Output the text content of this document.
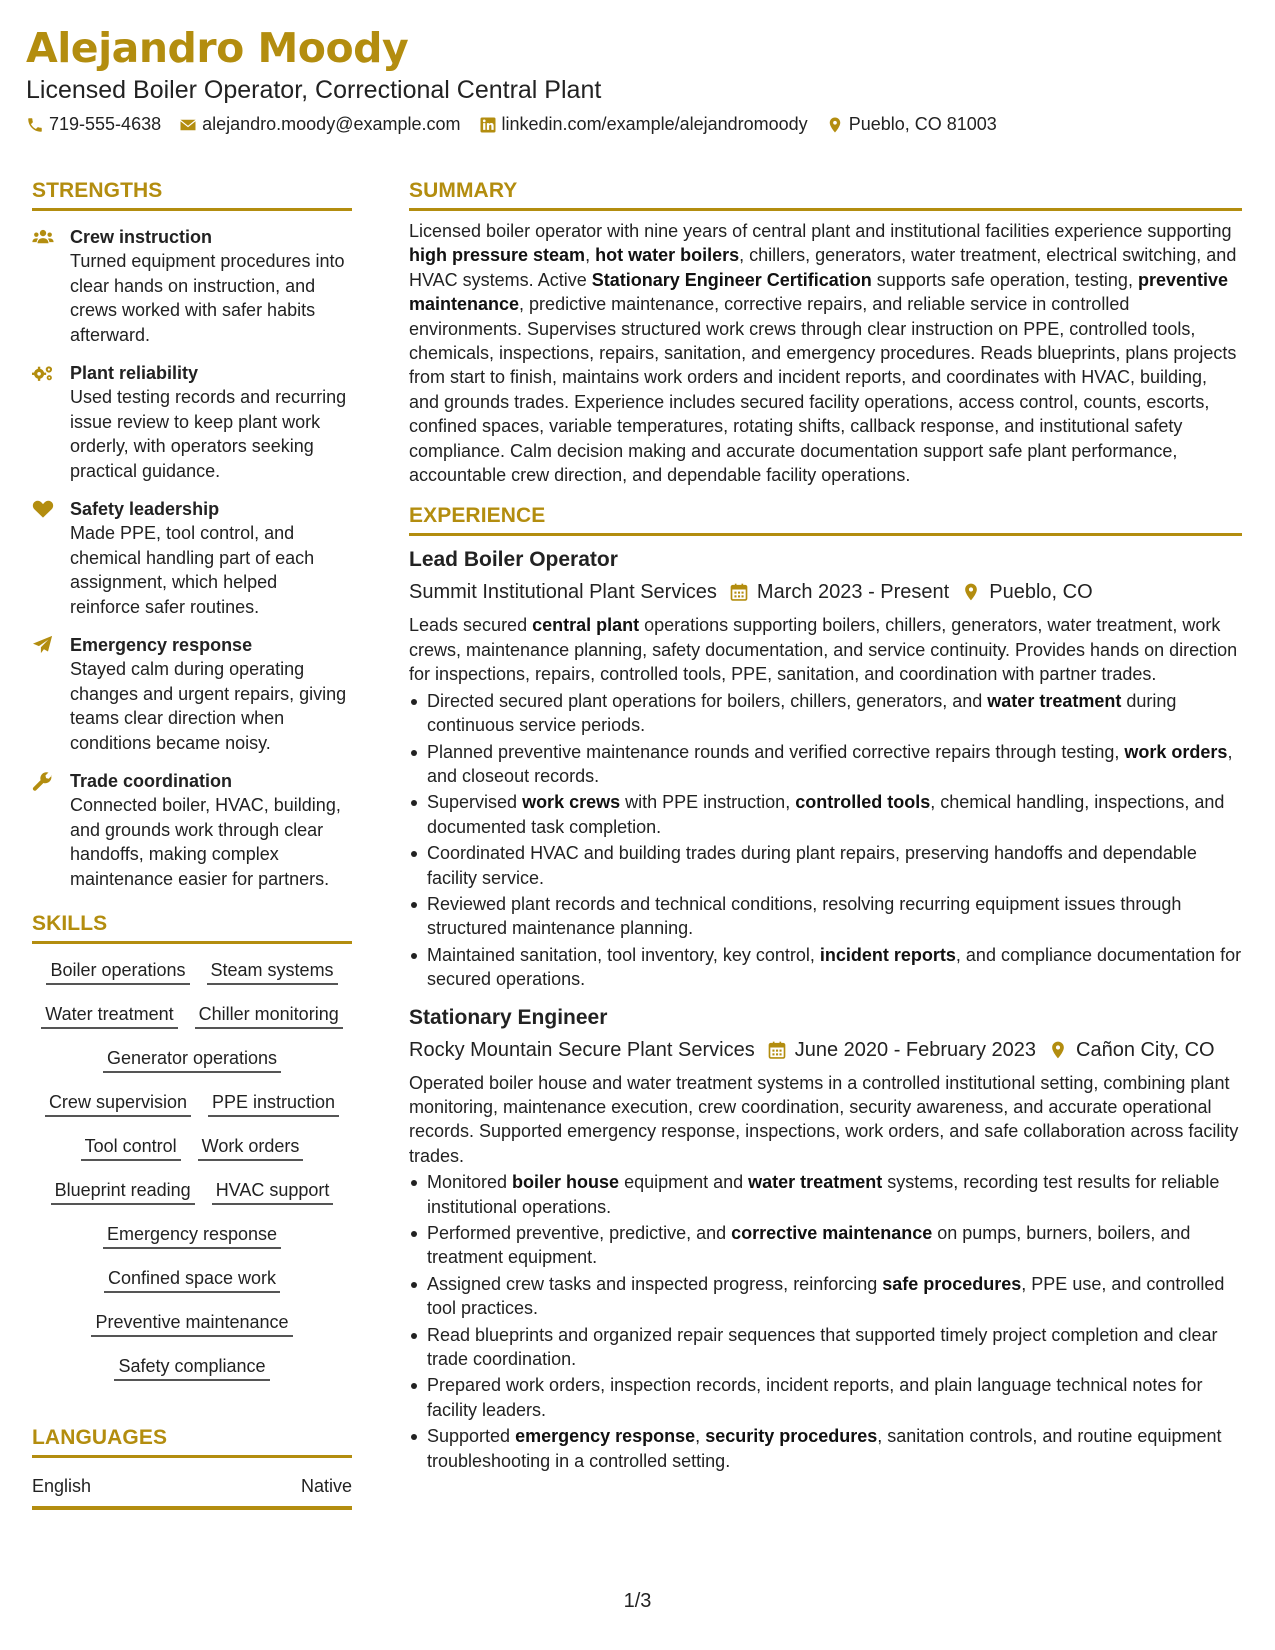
Alejandro Moody
Licensed Boiler Operator, Correctional Central Plant
719-555-4638 alejandro.moody@example.com linkedin.com/example/alejandromoody Pueblo, CO 81003
STRENGTHS
Crew instruction
Turned equipment procedures into clear hands on instruction, and crews worked with safer habits afterward.
Plant reliability
Used testing records and recurring issue review to keep plant work orderly, with operators seeking practical guidance.
Safety leadership
Made PPE, tool control, and chemical handling part of each assignment, which helped reinforce safer routines.
Emergency response
Stayed calm during operating changes and urgent repairs, giving teams clear direction when conditions became noisy.
Trade coordination
Connected boiler, HVAC, building, and grounds work through clear handoffs, making complex maintenance easier for partners.
SKILLS
Boiler operations Steam systems
Water treatment Chiller monitoring
Generator operations
Crew supervision PPE instruction
Tool control Work orders
Blueprint reading HVAC support
Emergency response
Confined space work
Preventive maintenance
Safety compliance
LANGUAGES
English	Native
SUMMARY
Licensed boiler operator with nine years of central plant and institutional facilities experience supporting high pressure steam, hot water boilers, chillers, generators, water treatment, electrical switching, and HVAC systems. Active Stationary Engineer Certification supports safe operation, testing, preventive maintenance, predictive maintenance, corrective repairs, and reliable service in controlled environments. Supervises structured work crews through clear instruction on PPE, controlled tools, chemicals, inspections, repairs, sanitation, and emergency procedures. Reads blueprints, plans projects from start to finish, maintains work orders and incident reports, and coordinates with HVAC, building, and grounds trades. Experience includes secured facility operations, access control, counts, escorts, confined spaces, variable temperatures, rotating shifts, callback response, and institutional safety compliance. Calm decision making and accurate documentation support safe plant performance, accountable crew direction, and dependable facility operations.
EXPERIENCE
Lead Boiler Operator
Summit Institutional Plant Services March 2023 - Present Pueblo, CO
Leads secured central plant operations supporting boilers, chillers, generators, water treatment, work crews, maintenance planning, safety documentation, and service continuity. Provides hands on direction for inspections, repairs, controlled tools, PPE, sanitation, and coordination with partner trades.
Directed secured plant operations for boilers, chillers, generators, and water treatment during continuous service periods.
Planned preventive maintenance rounds and verified corrective repairs through testing, work orders, and closeout records.
Supervised work crews with PPE instruction, controlled tools, chemical handling, inspections, and documented task completion.
Coordinated HVAC and building trades during plant repairs, preserving handoffs and dependable facility service.
Reviewed plant records and technical conditions, resolving recurring equipment issues through structured maintenance planning.
Maintained sanitation, tool inventory, key control, incident reports, and compliance documentation for secured operations.
Stationary Engineer
Rocky Mountain Secure Plant Services June 2020 - February 2023 Cañon City, CO
Operated boiler house and water treatment systems in a controlled institutional setting, combining plant monitoring, maintenance execution, crew coordination, security awareness, and accurate operational records. Supported emergency response, inspections, work orders, and safe collaboration across facility trades.
Monitored boiler house equipment and water treatment systems, recording test results for reliable institutional operations.
Performed preventive, predictive, and corrective maintenance on pumps, burners, boilers, and treatment equipment.
Assigned crew tasks and inspected progress, reinforcing safe procedures, PPE use, and controlled tool practices.
Read blueprints and organized repair sequences that supported timely project completion and clear trade coordination.
Prepared work orders, inspection records, incident reports, and plain language technical notes for facility leaders.
Supported emergency response, security procedures, sanitation controls, and routine equipment troubleshooting in a controlled setting.
1/3
